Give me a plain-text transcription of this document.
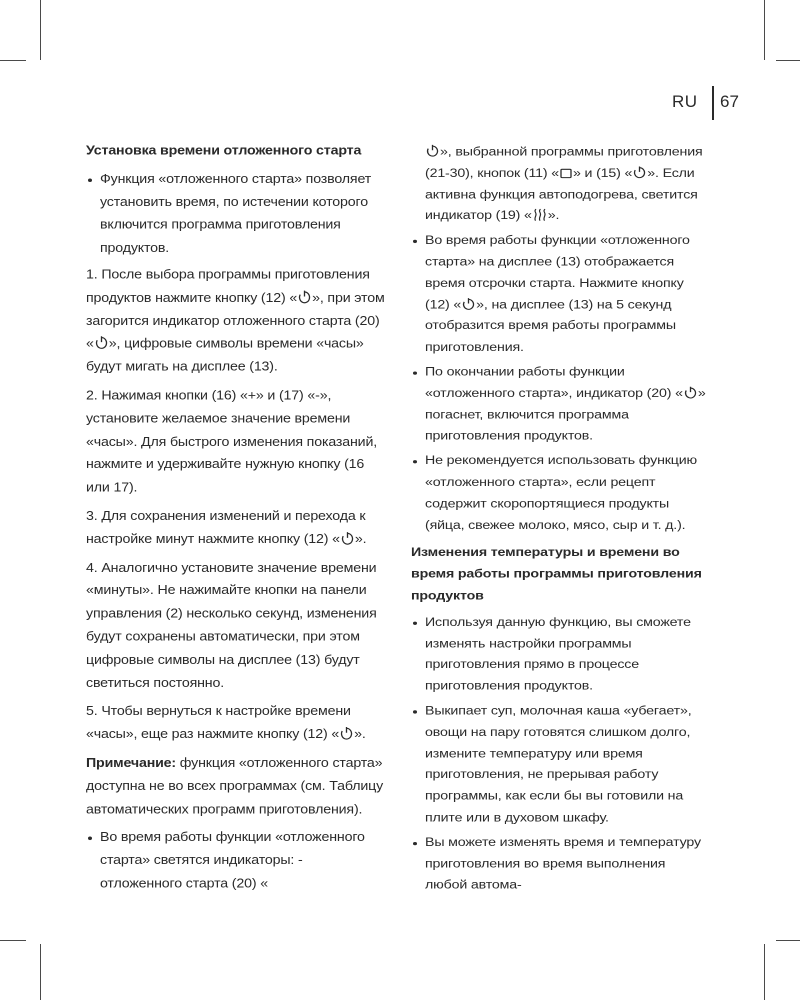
RU 67
Установка времени отложенного старта
Функция «отложенного старта» позволяет установить время, по истечении которого включится программа приготовления продуктов.
1. После выбора программы приготовления продуктов нажмите кнопку (12) « », при этом загорится индикатор отложенного старта (20) « », цифровые символы времени «часы» будут мигать на дисплее (13).
2. Нажимая кнопки (16) «+» и (17) «-», установите желаемое значение времени «часы». Для быстрого изменения показаний, нажмите и удерживайте нужную кнопку (16 или 17).
3. Для сохранения изменений и перехода к настройке минут нажмите кнопку (12) « ».
4. Аналогично установите значение времени «минуты». Не нажимайте кнопки на панели управления (2) несколько секунд, изменения будут сохранены автоматически, при этом цифровые символы на дисплее (13) будут светиться постоянно.
5. Чтобы вернуться к настройке времени «часы», еще раз нажмите кнопку (12) « ».
Примечание: функция «отложенного старта» доступна не во всех программах (см. Таблицу автоматических программ приготовления).
Во время работы функции «отложенного старта» светятся индикаторы: - отложенного старта (20) «
», выбранной программы приготовления (21-30), кнопок (11) « » и (15) « ». Если активна функция автоподогрева, светится индикатор (19) « ».
Во время работы функции «отложенного старта» на дисплее (13) отображается время отсрочки старта. Нажмите кнопку (12) « », на дисплее (13) на 5 секунд отобразится время работы программы приготовления.
По окончании работы функции «отложенного старта», индикатор (20) « » погаснет, включится программа приготовления продуктов.
Не рекомендуется использовать функцию «отложенного старта», если рецепт содержит скоропортящиеся продукты (яйца, свежее молоко, мясо, сыр и т. д.).
Изменения температуры и времени во время работы программы приготовления продуктов
Используя данную функцию, вы сможете изменять настройки программы приготовления прямо в процессе приготовления продуктов.
Выкипает суп, молочная каша «убегает», овощи на пару готовятся слишком долго, измените температуру или время приготовления, не прерывая работу программы, как если бы вы готовили на плите или в духовом шкафу.
Вы можете изменять время и температуру приготовления во время выполнения любой автома-
